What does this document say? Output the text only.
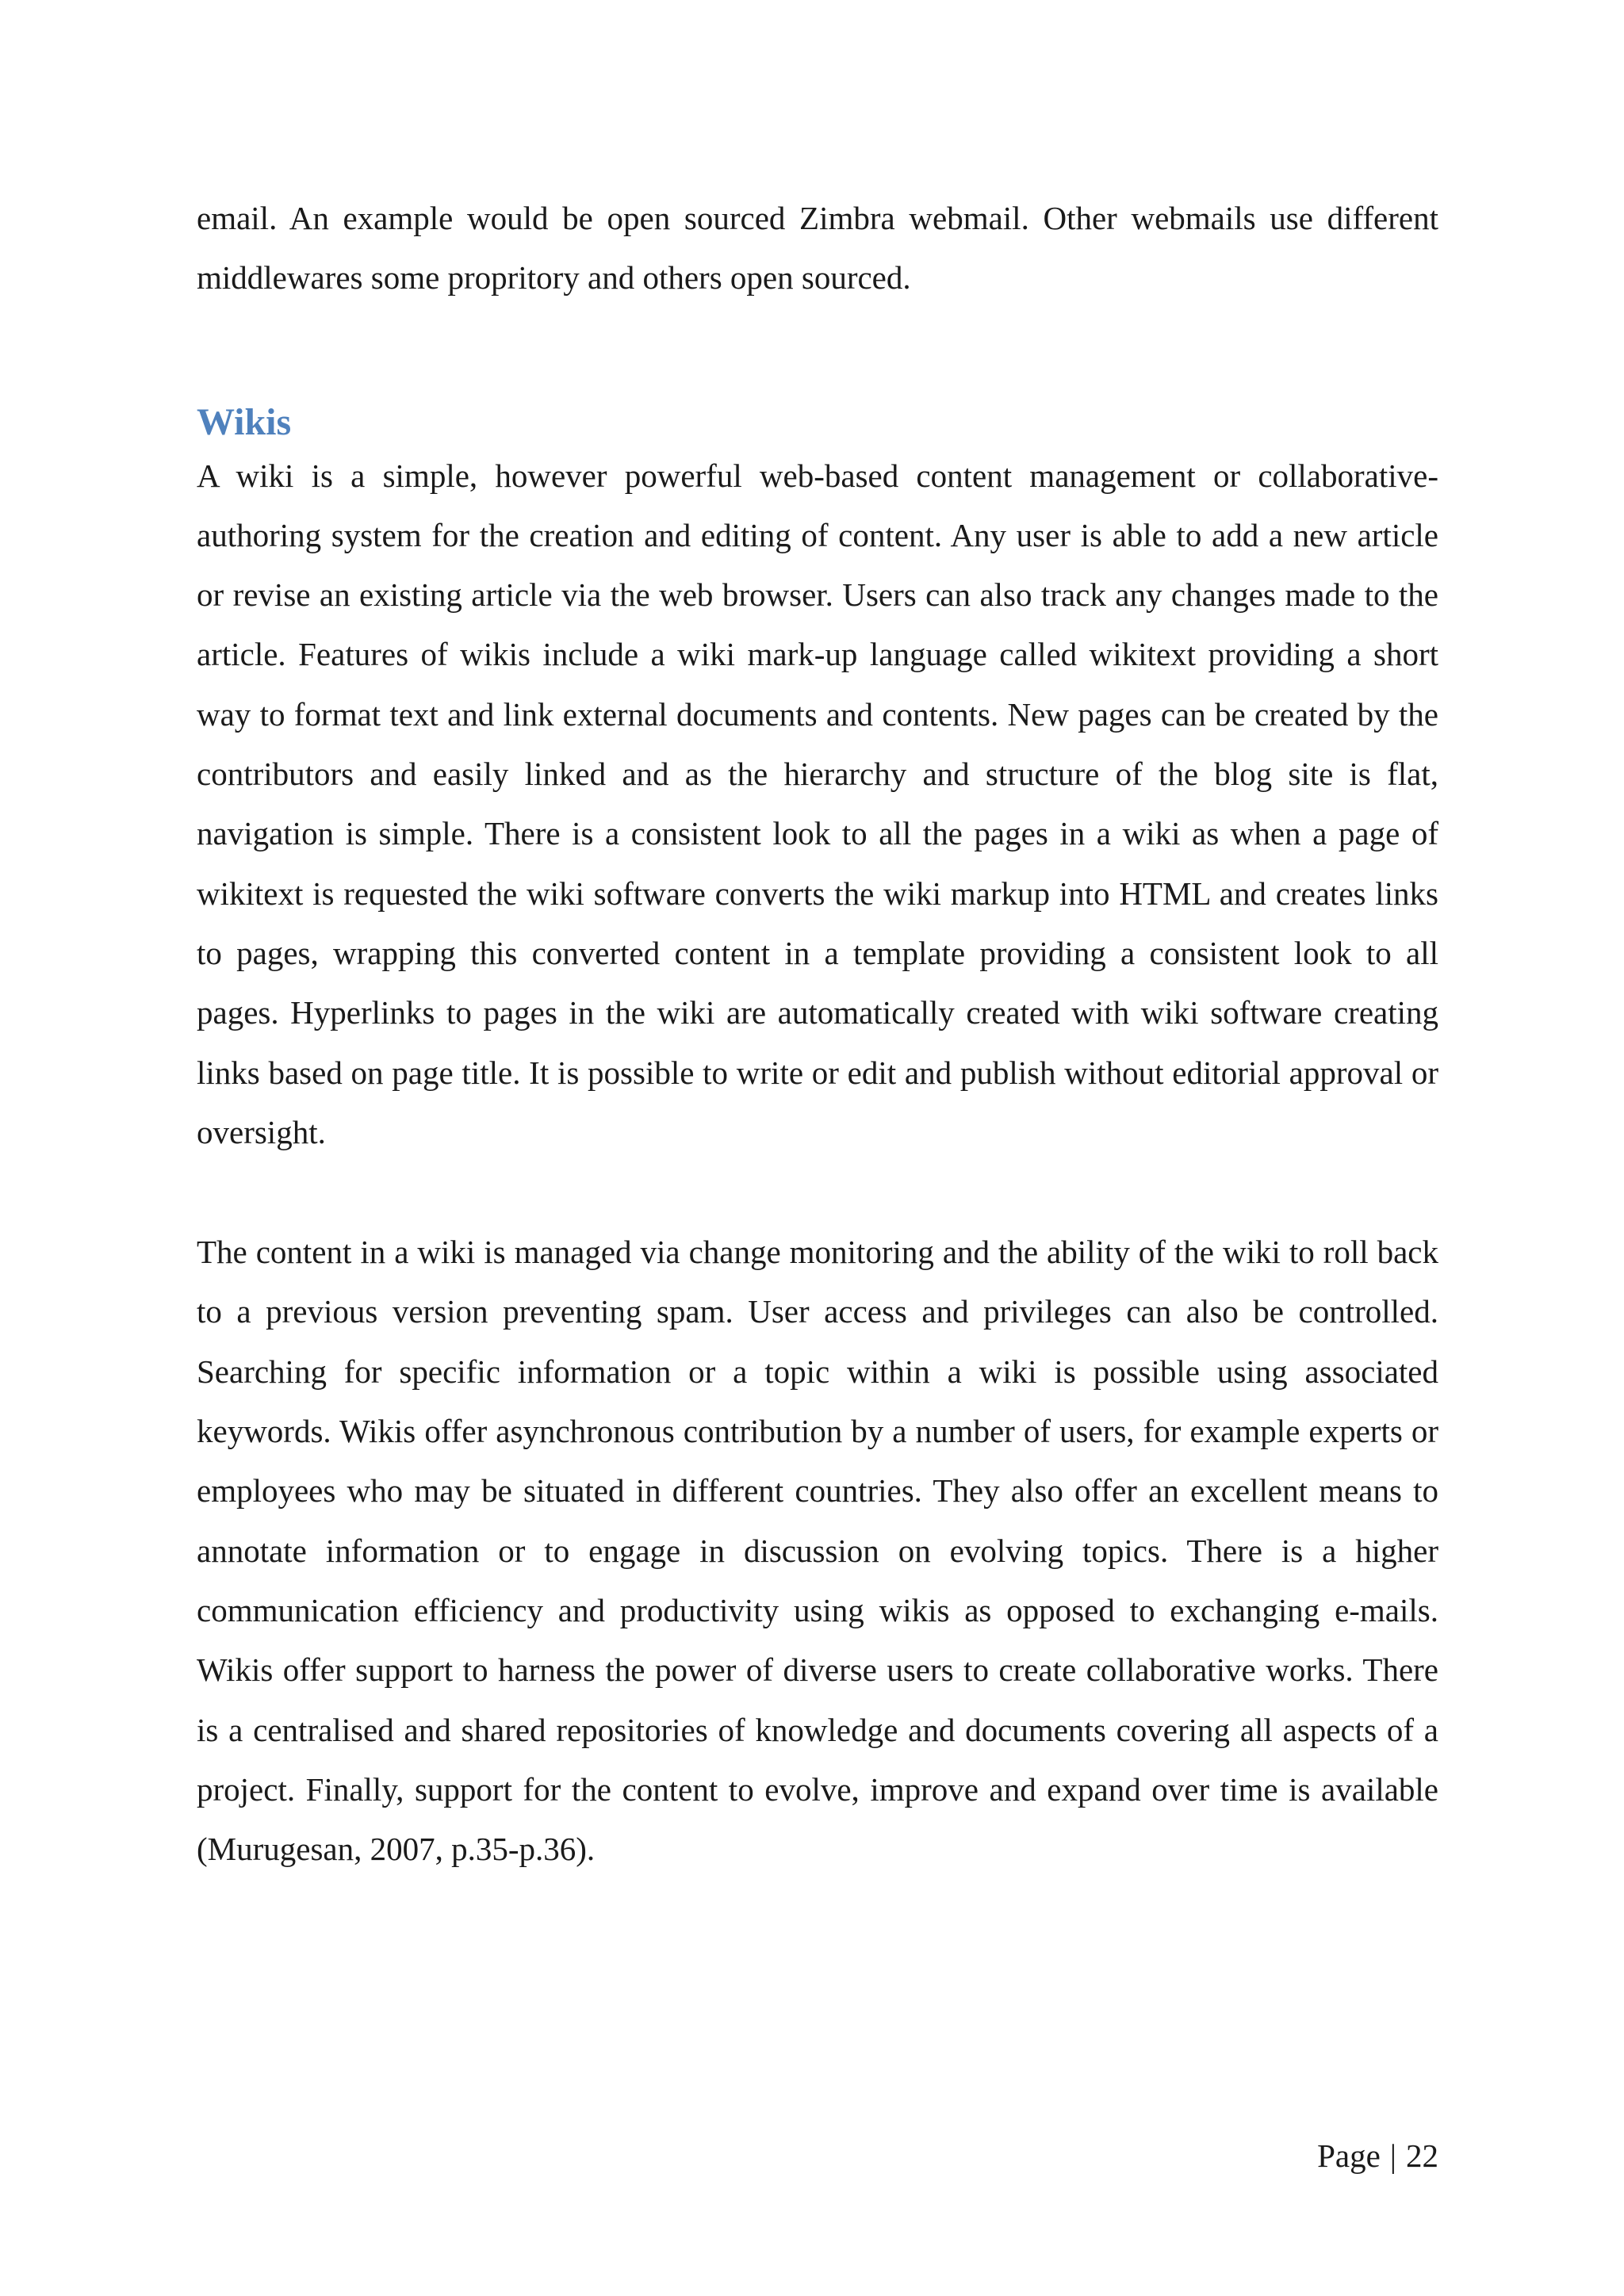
email. An example would be open sourced Zimbra webmail. Other webmails use different middlewares some propritory and others open sourced.

Wikis

A wiki is a simple, however powerful web-based content management or collaborative-authoring system for the creation and editing of content. Any user is able to add a new article or revise an existing article via the web browser. Users can also track any changes made to the article. Features of wikis include a wiki mark-up language called wikitext providing a short way to format text and link external documents and contents. New pages can be created by the contributors and easily linked and as the hierarchy and structure of the blog site is flat, navigation is simple. There is a consistent look to all the pages in a wiki as when a page of wikitext is requested the wiki software converts the wiki markup into HTML and creates links to pages, wrapping this converted content in a template providing a consistent look to all pages. Hyperlinks to pages in the wiki are automatically created with wiki software creating links based on page title. It is possible to write or edit and publish without editorial approval or oversight.

The content in a wiki is managed via change monitoring and the ability of the wiki to roll back to a previous version preventing spam. User access and privileges can also be controlled. Searching for specific information or a topic within a wiki is possible using associated keywords. Wikis offer asynchronous contribution by a number of users, for example experts or employees who may be situated in different countries. They also offer an excellent means to annotate information or to engage in discussion on evolving topics. There is a higher communication efficiency and productivity using wikis as opposed to exchanging e-mails. Wikis offer support to harness the power of diverse users to create collaborative works. There is a centralised and shared repositories of knowledge and documents covering all aspects of a project. Finally, support for the content to evolve, improve and expand over time is available (Murugesan, 2007, p.35-p.36).

Page | 22
